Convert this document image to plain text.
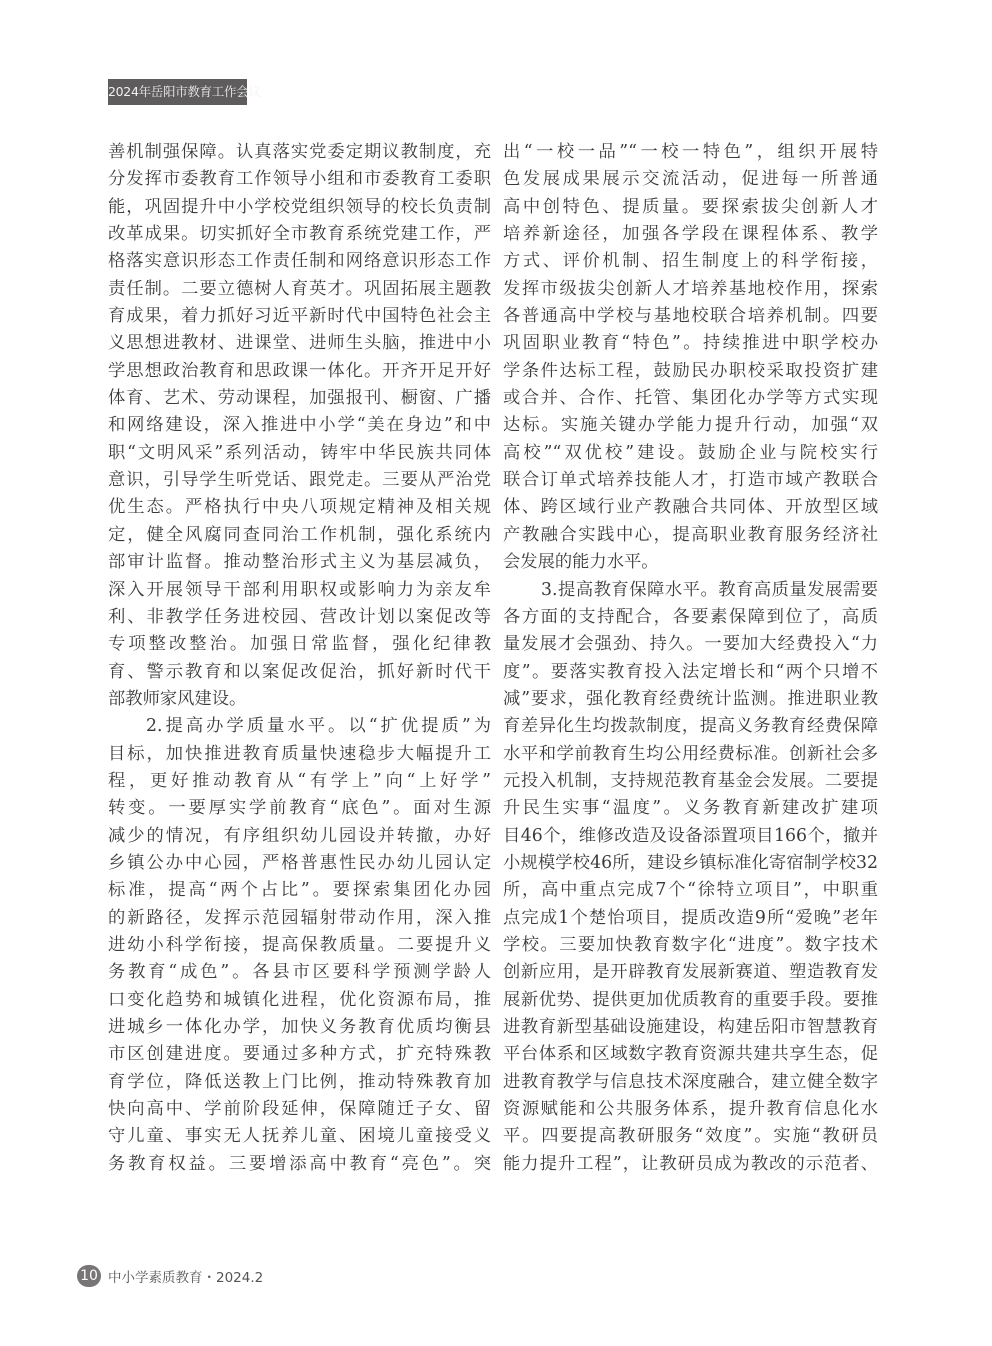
2024年岳阳市教育工作会议
善机制强保障。认真落实党委定期议教制度，充
分发挥市委教育工作领导小组和市委教育工委职
能，巩固提升中小学校党组织领导的校长负责制
改革成果。切实抓好全市教育系统党建工作，严
格落实意识形态工作责任制和网络意识形态工作
责任制。二要立德树人育英才。巩固拓展主题教
育成果，着力抓好习近平新时代中国特色社会主
义思想进教材、进课堂、进师生头脑，推进中小
学思想政治教育和思政课一体化。开齐开足开好
体育、艺术、劳动课程，加强报刊、橱窗、广播
和网络建设，深入推进中小学“美在身边”和中
职“文明风采”系列活动，铸牢中华民族共同体
意识，引导学生听党话、跟党走。三要从严治党
优生态。严格执行中央八项规定精神及相关规
定，健全风腐同查同治工作机制，强化系统内
部审计监督。推动整治形式主义为基层减负，
深入开展领导干部利用职权或影响力为亲友牟
利、非教学任务进校园、营改计划以案促改等
专项整改整治。加强日常监督，强化纪律教
育、警示教育和以案促改促治，抓好新时代干
部教师家风建设。
2.提高办学质量水平。以“扩优提质”为
目标，加快推进教育质量快速稳步大幅提升工
程，更好推动教育从“有学上”向“上好学”
转变。一要厚实学前教育“底色”。面对生源
减少的情况，有序组织幼儿园设并转撤，办好
乡镇公办中心园，严格普惠性民办幼儿园认定
标准，提高“两个占比”。要探索集团化办园
的新路径，发挥示范园辐射带动作用，深入推
进幼小科学衔接，提高保教质量。二要提升义
务教育“成色”。各县市区要科学预测学龄人
口变化趋势和城镇化进程，优化资源布局，推
进城乡一体化办学，加快义务教育优质均衡县
市区创建进度。要通过多种方式，扩充特殊教
育学位，降低送教上门比例，推动特殊教育加
快向高中、学前阶段延伸，保障随迁子女、留
守儿童、事实无人抚养儿童、困境儿童接受义
务教育权益。三要增添高中教育“亮色”。突
出“一校一品”“一校一特色”，组织开展特
色发展成果展示交流活动，促进每一所普通
高中创特色、提质量。要探索拔尖创新人才
培养新途径，加强各学段在课程体系、教学
方式、评价机制、招生制度上的科学衔接，
发挥市级拔尖创新人才培养基地校作用，探索
各普通高中学校与基地校联合培养机制。四要
巩固职业教育“特色”。持续推进中职学校办
学条件达标工程，鼓励民办职校采取投资扩建
或合并、合作、托管、集团化办学等方式实现
达标。实施关键办学能力提升行动，加强“双
高校”“双优校”建设。鼓励企业与院校实行
联合订单式培养技能人才，打造市域产教联合
体、跨区域行业产教融合共同体、开放型区域
产教融合实践中心，提高职业教育服务经济社
会发展的能力水平。
3.提高教育保障水平。教育高质量发展需要
各方面的支持配合，各要素保障到位了，高质
量发展才会强劲、持久。一要加大经费投入“力
度”。要落实教育投入法定增长和“两个只增不
减”要求，强化教育经费统计监测。推进职业教
育差异化生均拨款制度，提高义务教育经费保障
水平和学前教育生均公用经费标准。创新社会多
元投入机制，支持规范教育基金会发展。二要提
升民生实事“温度”。义务教育新建改扩建项
目46个，维修改造及设备添置项目166个，撤并
小规模学校46所，建设乡镇标准化寄宿制学校32
所，高中重点完成7个“徐特立项目”，中职重
点完成1个楚怡项目，提质改造9所“爱晚”老年
学校。三要加快教育数字化“进度”。数字技术
创新应用，是开辟教育发展新赛道、塑造教育发
展新优势、提供更加优质教育的重要手段。要推
进教育新型基础设施建设，构建岳阳市智慧教育
平台体系和区域数字教育资源共建共享生态，促
进教育教学与信息技术深度融合，建立健全数字
资源赋能和公共服务体系，提升教育信息化水
平。四要提高教研服务“效度”。实施“教研员
能力提升工程”，让教研员成为教改的示范者、
10 中小学素质教育・2024.2
